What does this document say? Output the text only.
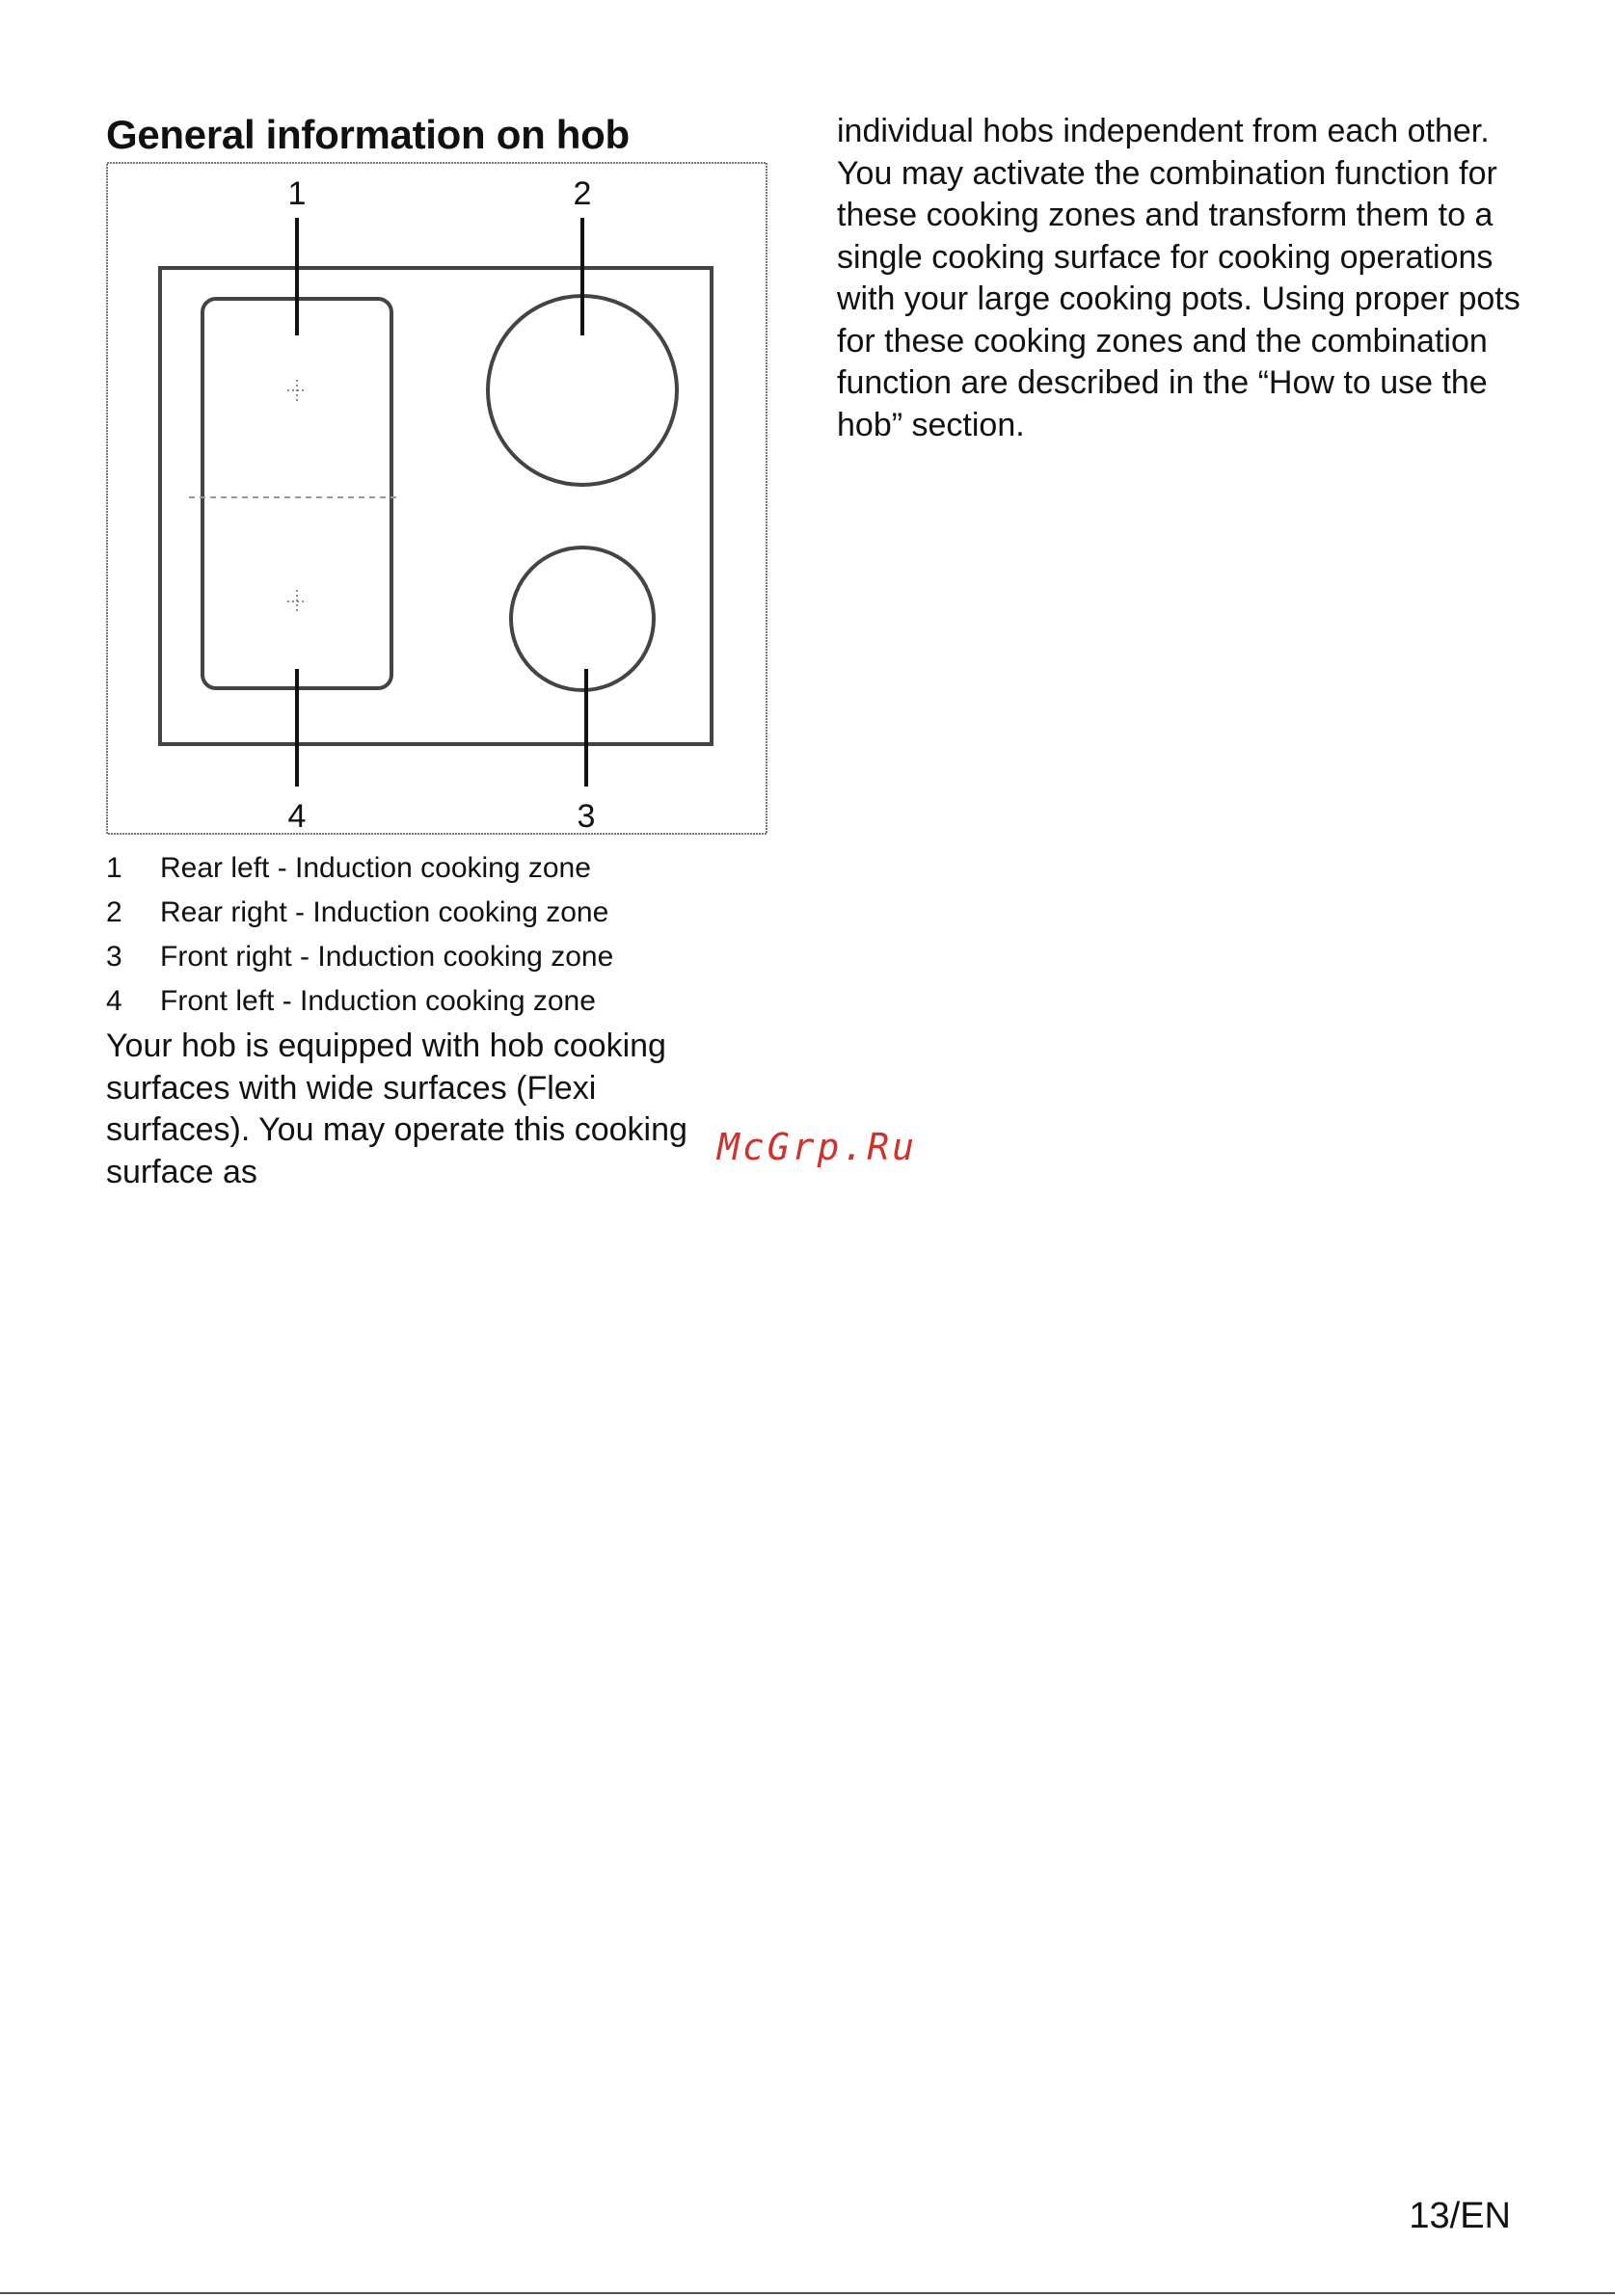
General information on hob
1	2
3
4
1 Rear left - Induction cooking zone
2 Rear right - Induction cooking zone
3 Front right - Induction cooking zone
4 Front left - Induction cooking zone

Your hob is equipped with hob cooking surfaces with wide surfaces (Flexi surfaces). You may operate this cooking surface as

individual hobs independent from each other. You may activate the combination function for these cooking zones and transform them to a single cooking surface for cooking operations with your large cooking pots. Using proper pots for these cooking zones and the combination function are described in the “How to use the hob” section.

McGrp.Ru
13/EN
